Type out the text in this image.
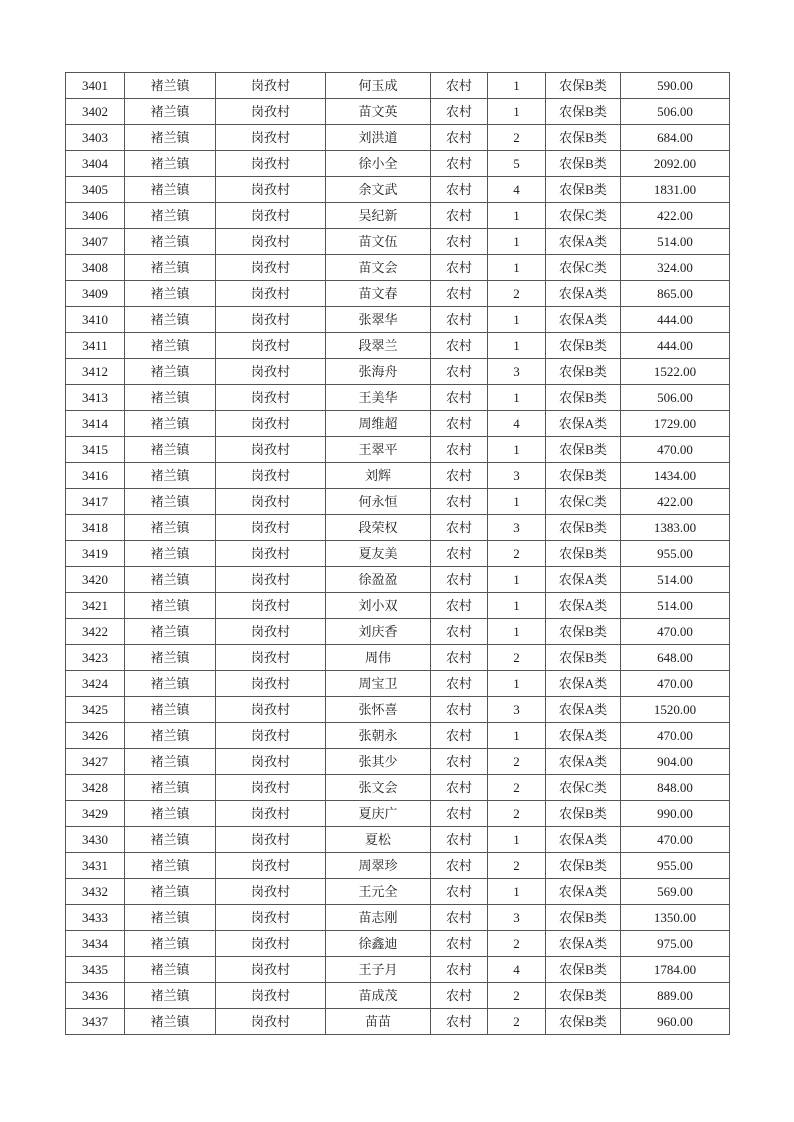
3401	褚兰镇	岗孜村	何玉成	农村	1	农保B类	590.00
3402	褚兰镇	岗孜村	苗文英	农村	1	农保B类	506.00
3403	褚兰镇	岗孜村	刘洪道	农村	2	农保B类	684.00
3404	褚兰镇	岗孜村	徐小全	农村	5	农保B类	2092.00
3405	褚兰镇	岗孜村	余文武	农村	4	农保B类	1831.00
3406	褚兰镇	岗孜村	吴纪新	农村	1	农保C类	422.00
3407	褚兰镇	岗孜村	苗文伍	农村	1	农保A类	514.00
3408	褚兰镇	岗孜村	苗文会	农村	1	农保C类	324.00
3409	褚兰镇	岗孜村	苗文春	农村	2	农保A类	865.00
3410	褚兰镇	岗孜村	张翠华	农村	1	农保A类	444.00
3411	褚兰镇	岗孜村	段翠兰	农村	1	农保B类	444.00
3412	褚兰镇	岗孜村	张海舟	农村	3	农保B类	1522.00
3413	褚兰镇	岗孜村	王美华	农村	1	农保B类	506.00
3414	褚兰镇	岗孜村	周维超	农村	4	农保A类	1729.00
3415	褚兰镇	岗孜村	王翠平	农村	1	农保B类	470.00
3416	褚兰镇	岗孜村	刘辉	农村	3	农保B类	1434.00
3417	褚兰镇	岗孜村	何永恒	农村	1	农保C类	422.00
3418	褚兰镇	岗孜村	段荣权	农村	3	农保B类	1383.00
3419	褚兰镇	岗孜村	夏友美	农村	2	农保B类	955.00
3420	褚兰镇	岗孜村	徐盈盈	农村	1	农保A类	514.00
3421	褚兰镇	岗孜村	刘小双	农村	1	农保A类	514.00
3422	褚兰镇	岗孜村	刘庆香	农村	1	农保B类	470.00
3423	褚兰镇	岗孜村	周伟	农村	2	农保B类	648.00
3424	褚兰镇	岗孜村	周宝卫	农村	1	农保A类	470.00
3425	褚兰镇	岗孜村	张怀喜	农村	3	农保A类	1520.00
3426	褚兰镇	岗孜村	张朝永	农村	1	农保A类	470.00
3427	褚兰镇	岗孜村	张其少	农村	2	农保A类	904.00
3428	褚兰镇	岗孜村	张文会	农村	2	农保C类	848.00
3429	褚兰镇	岗孜村	夏庆广	农村	2	农保B类	990.00
3430	褚兰镇	岗孜村	夏松	农村	1	农保A类	470.00
3431	褚兰镇	岗孜村	周翠珍	农村	2	农保B类	955.00
3432	褚兰镇	岗孜村	王元全	农村	1	农保A类	569.00
3433	褚兰镇	岗孜村	苗志刚	农村	3	农保B类	1350.00
3434	褚兰镇	岗孜村	徐鑫迪	农村	2	农保A类	975.00
3435	褚兰镇	岗孜村	王子月	农村	4	农保B类	1784.00
3436	褚兰镇	岗孜村	苗成茂	农村	2	农保B类	889.00
3437	褚兰镇	岗孜村	苗苗	农村	2	农保B类	960.00
